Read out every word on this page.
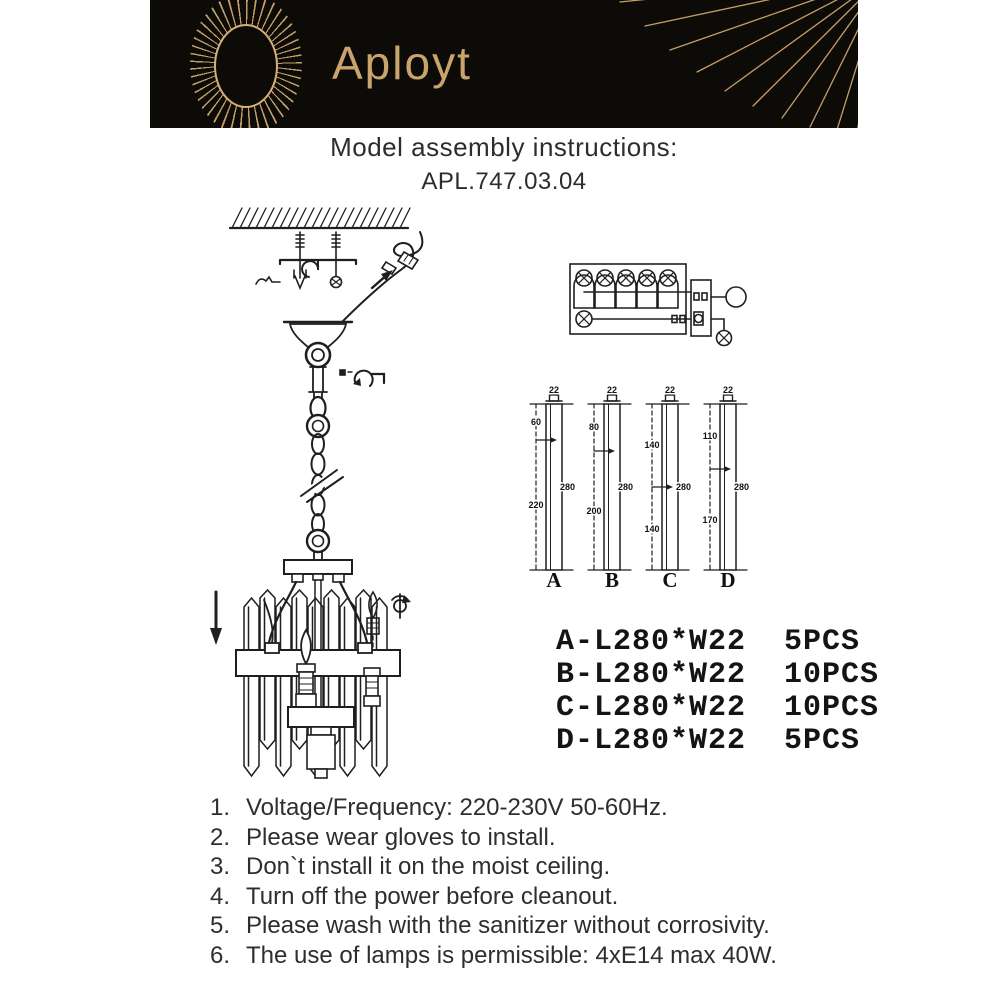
Aployt
Model assembly instructions:
APL.747.03.04
22
60
220
280
A
22
80
200
280
B
22
140
140
280
C
22
110
170
280
D
A-L280*W22	5PCS
B-L280*W22	10PCS
C-L280*W22	10PCS
D-L280*W22	5PCS
1. Voltage/Frequency: 220-230V 50-60Hz.
2. Please wear gloves to install.
3. Don`t install it on the moist ceiling.
4. Turn off the power before cleanout.
5. Please wash with the sanitizer without corrosivity.
6. The use of lamps is permissible: 4xE14 max 40W.
